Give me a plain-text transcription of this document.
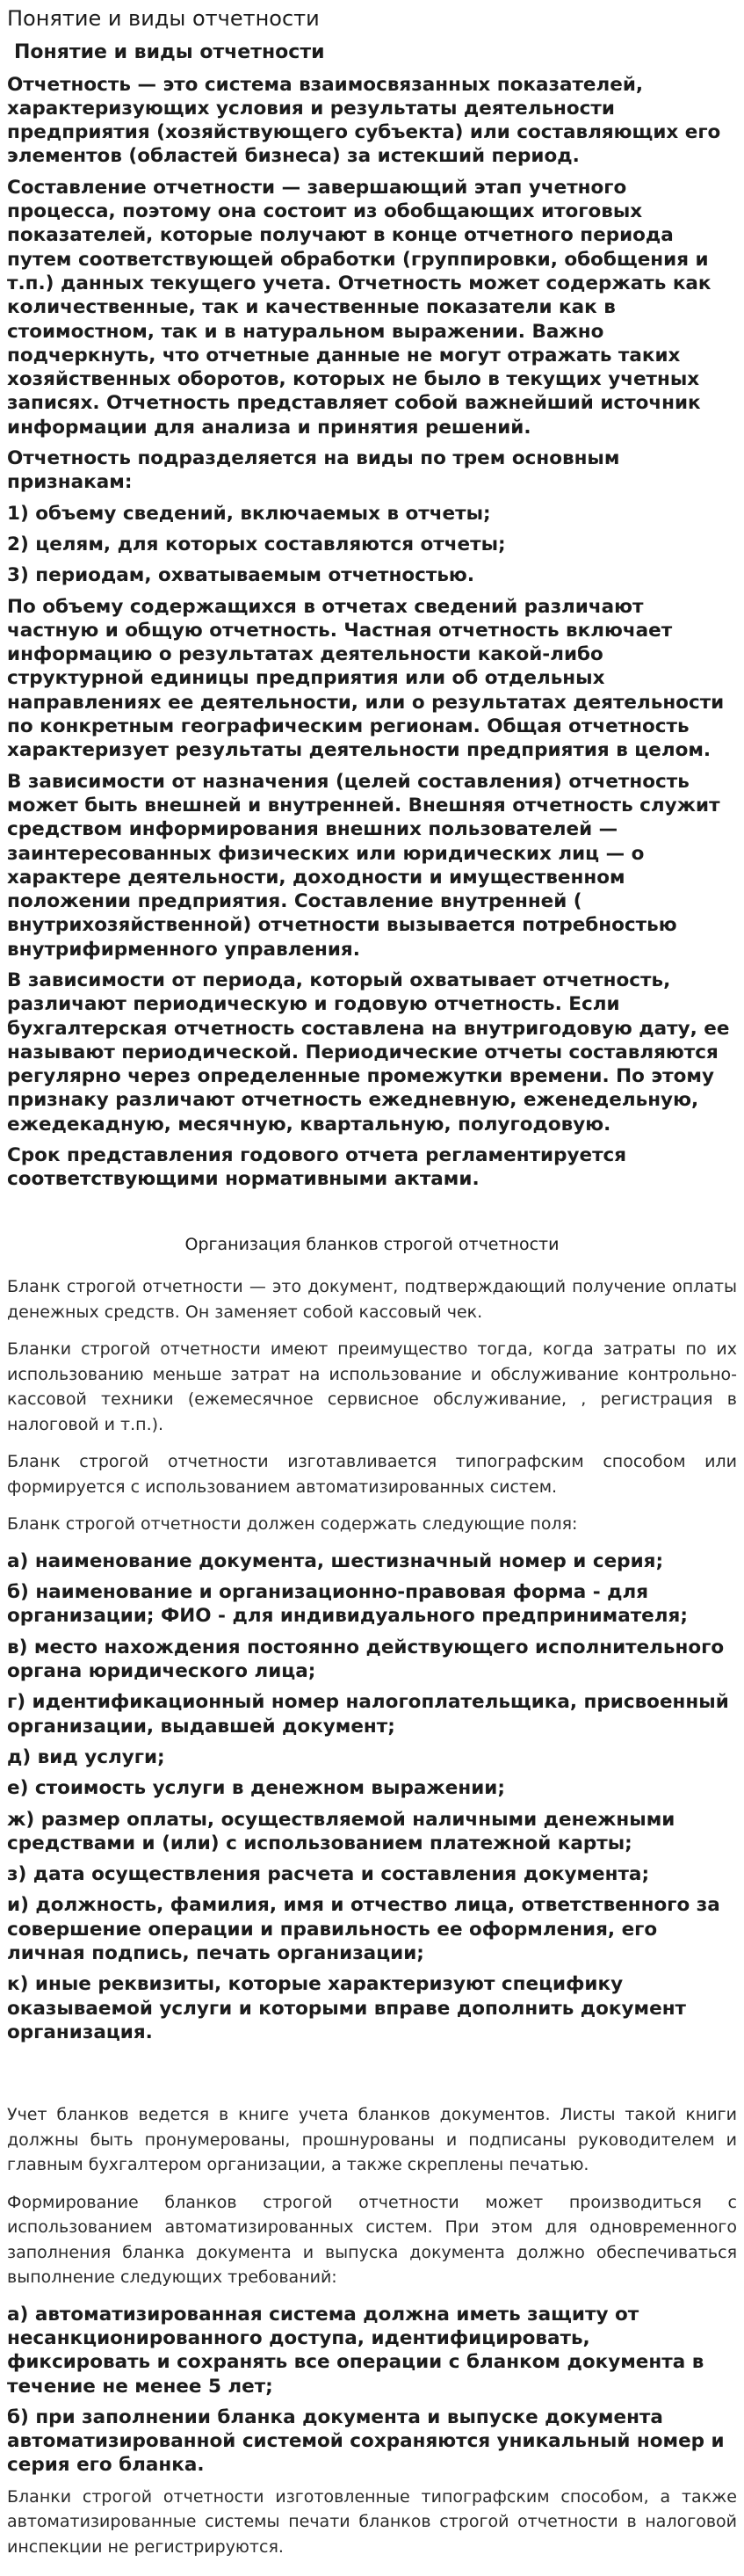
Понятие и виды отчетности
Понятие и виды отчетности

Отчетность — это система взаимосвязанных показателей, характеризующих условия и результаты деятельности предприятия (хозяйствующего субъекта) или составляющих его элементов (областей бизнеса) за истекший период.

Составление отчетности — завершающий этап учетного процесса, поэтому она состоит из обобщающих итоговых показателей, которые получают в конце отчетного периода путем соответствующей обработки (группировки, обобщения и т.п.) данных текущего учета. Отчетность может содержать как количественные, так и качественные показатели как в стоимостном, так и в натуральном выражении. Важно подчеркнуть, что отчетные данные не могут отражать таких хозяйственных оборотов, которых не было в текущих учетных записях. Отчетность представляет собой важнейший источник информации для анализа и принятия решений.

Отчетность подразделяется на виды по трем основным признакам:

1) объему сведений, включаемых в отчеты;

2) целям, для которых составляются отчеты;

3) периодам, охватываемым отчетностью.

По объему содержащихся в отчетах сведений различают частную и общую отчетность. Частная отчетность включает информацию о результатах деятельности какой-либо структурной единицы предприятия или об отдельных направлениях ее деятельности, или о результатах деятельности по конкретным географическим регионам. Общая отчетность характеризует результаты деятельности предприятия в целом.

В зависимости от назначения (целей составления) отчетность может быть внешней и внутренней. Внешняя отчетность служит средством информирования внешних пользователей — заинтересованных физических или юридических лиц — о характере деятельности, доходности и имущественном положении предприятия. Составление внутренней ( внутрихозяйственной) отчетности вызывается потребностью внутрифирменного управления.

В зависимости от периода, который охватывает отчетность, различают периодическую и годовую отчетность. Если бухгалтерская отчетность составлена на внутригодовую дату, ее называют периодической. Периодические отчеты составляются регулярно через определенные промежутки времени. По этому признаку различают отчетность ежедневную, еженедельную, ежедекадную, месячную, квартальную, полугодовую.

Срок представления годового отчета регламентируется соответствующими нормативными актами.

Организация бланков строгой отчетности

Бланк строгой отчетности — это документ, подтверждающий получение оплаты денежных средств. Он заменяет собой кассовый чек.

Бланки строгой отчетности имеют преимущество тогда, когда затраты по их использованию меньше затрат на использование и обслуживание контрольно-кассовой техники (ежемесячное сервисное обслуживание, , регистрация в налоговой и т.п.).

Бланк строгой отчетности изготавливается типографским способом или формируется с использованием автоматизированных систем.

Бланк строгой отчетности должен содержать следующие поля:

а) наименование документа, шестизначный номер и серия;

б) наименование и организационно-правовая форма - для организации; ФИО - для индивидуального предпринимателя;

в) место нахождения постоянно действующего исполнительного органа юридического лица;

г) идентификационный номер налогоплательщика, присвоенный организации, выдавшей документ;

д) вид услуги;

е) стоимость услуги в денежном выражении;

ж) размер оплаты, осуществляемой наличными денежными средствами и (или) с использованием платежной карты;

з) дата осуществления расчета и составления документа;

и) должность, фамилия, имя и отчество лица, ответственного за совершение операции и правильность ее оформления, его личная подпись, печать организации;

к) иные реквизиты, которые характеризуют специфику оказываемой услуги и которыми вправе дополнить документ организация.

Учет бланков ведется в книге учета бланков документов. Листы такой книги должны быть пронумерованы, прошнурованы и подписаны руководителем и главным бухгалтером организации, а также скреплены печатью.

Формирование бланков строгой отчетности может производиться с использованием автоматизированных систем. При этом для одновременного заполнения бланка документа и выпуска документа должно обеспечиваться выполнение следующих требований:

а) автоматизированная система должна иметь защиту от несанкционированного доступа, идентифицировать, фиксировать и сохранять все операции с бланком документа в течение не менее 5 лет;

б) при заполнении бланка документа и выпуске документа автоматизированной системой сохраняются уникальный номер и серия его бланка.

Бланки строгой отчетности изготовленные типографским способом, а также автоматизированные системы печати бланков строгой отчетности в налоговой инспекции не регистрируются.
